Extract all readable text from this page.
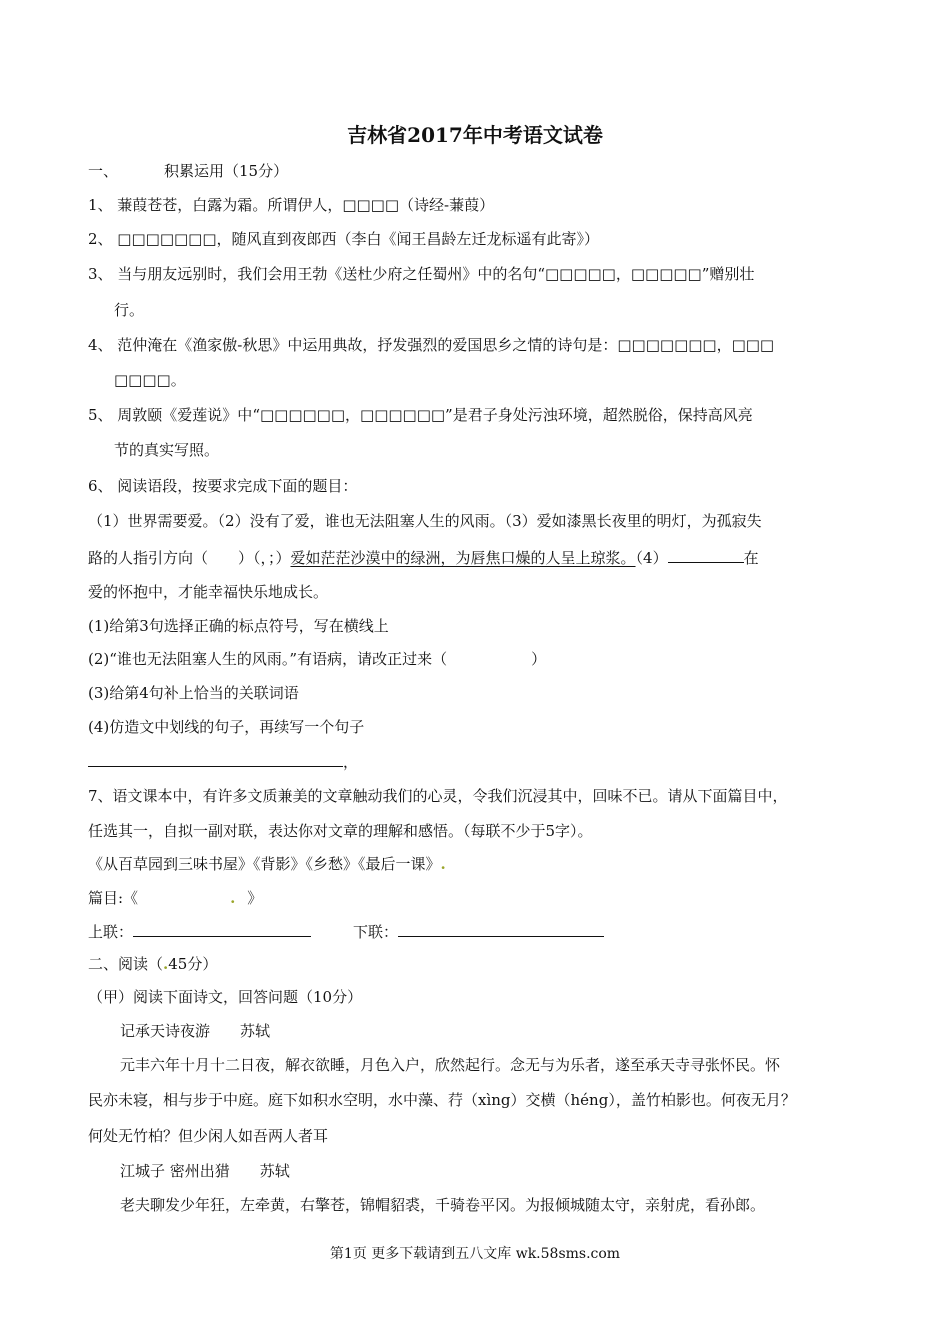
吉林省2017年中考语文试卷
一、	积累运用（15分）
1、 蒹葭苍苍，白露为霜。所谓伊人，□□□□（诗经-蒹葭）
2、 □□□□□□□，随风直到夜郎西（李白《闻王昌龄左迁龙标遥有此寄》）
3、 当与朋友远别时，我们会用王勃《送杜少府之任蜀州》中的名句“□□□□□，□□□□□”赠别壮
行。
4、 范仲淹在《渔家傲-秋思》中运用典故，抒发强烈的爱国思乡之情的诗句是：□□□□□□□，□□□
□□□□。
5、 周敦颐《爱莲说》中“□□□□□□，□□□□□□”是君子身处污浊环境，超然脱俗，保持高风亮
节的真实写照。
6、 阅读语段，按要求完成下面的题目：
（1）世界需要爱。（2）没有了爱，谁也无法阻塞人生的风雨。（3）爱如漆黑长夜里的明灯，为孤寂失
路的人指引方向（　　）（，；）爱如茫茫沙漠中的绿洲，为唇焦口燥的人呈上琼浆。（4）	在
爱的怀抱中，才能幸福快乐地成长。
(1)给第3句选择正确的标点符号，写在横线上
(2)“谁也无法阻塞人生的风雨。”有语病，请改正过来（	）
(3)给第4句补上恰当的关联词语
(4)仿造文中划线的句子，再续写一个句子
，
7、语文课本中，有许多文质兼美的文章触动我们的心灵，令我们沉浸其中，回味不已。请从下面篇目中，
任选其一，自拟一副对联，表达你对文章的理解和感悟。（每联不少于5字）。
《从百草园到三味书屋》《背影》《乡愁》《最后一课》.
篇目:《	. 》
上联：	下联：
二、阅读（.45分）
（甲）阅读下面诗文，回答问题（10分）
记承天诗夜游　　苏轼
元丰六年十月十二日夜，解衣欲睡，月色入户，欣然起行。念无与为乐者，遂至承天寺寻张怀民。怀
民亦未寝，相与步于中庭。庭下如积水空明，水中藻、荇（xìng）交横（héng），盖竹柏影也。何夜无月？
何处无竹柏？但少闲人如吾两人者耳
江城子 密州出猎　　苏轼
老夫聊发少年狂，左牵黄，右擎苍，锦帽貂裘，千骑卷平冈。为报倾城随太守，亲射虎，看孙郎。
第1页 更多下载请到五八文库 wk.58sms.com
